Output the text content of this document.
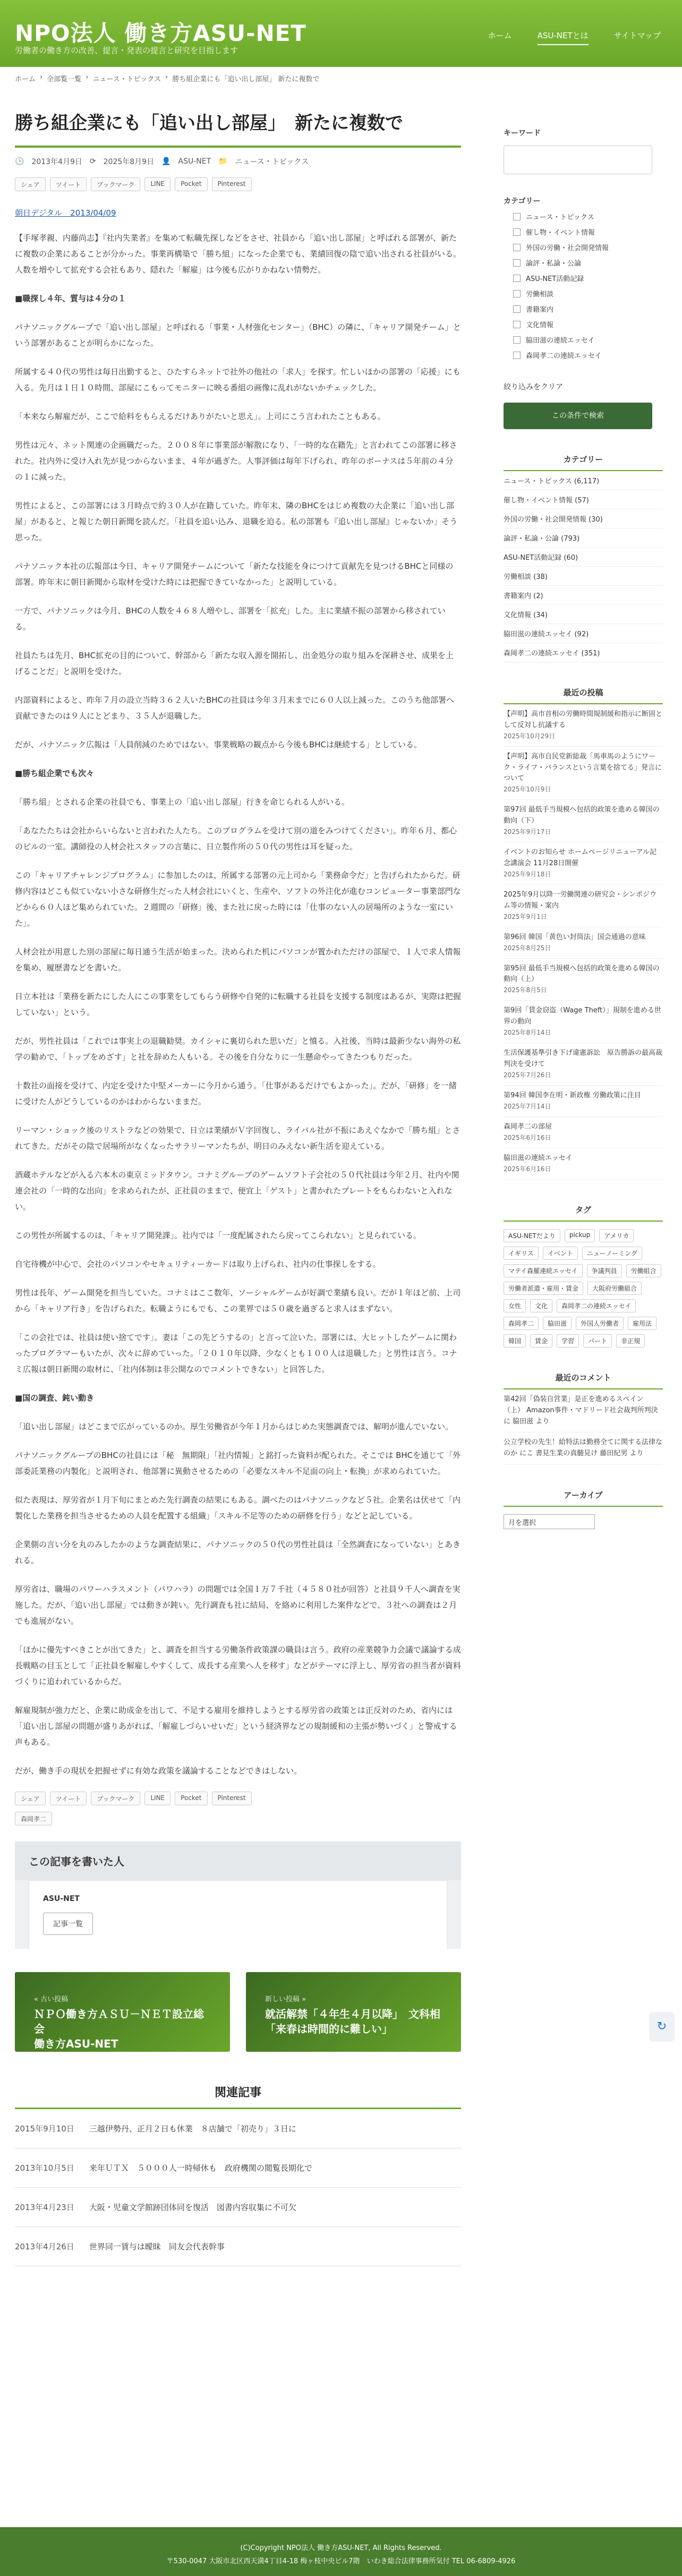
NPO法人 働き方ASU-NET
労働者の働き方の改善、提言・発表の提言と研究を目指します
ホーム	ASU-NETとは	サイトマップ
ホーム › 全部覧一覧 › ニュース・トピックス › 勝ち組企業にも「追い出し部屋」 新たに複数で
勝ち組企業にも「追い出し部屋」　新たに複数で
🕒 2013年4月9日 ⟳ 2025年8月9日 👤 ASU-NET 📁 ニュース・トピックス
シェア	ツイート	ブックマーク	LINE	Pocket	Pinterest
朝日デジタル　2013/04/09

【手塚孝親、内藤尚志】『社内失業者』を集めて転職先探しなどをさせ、社員から「追い出し部屋」と呼ばれる部署が、新たに複数の企業にあることが分かった。事業再構築で「勝ち組」になった企業でも、業績回復の陰で追い出される社員がいる。人数を増やして拡充する会社もあり、隠れた「解雇」は今後も広がりかねない情勢だ。

■職探し４年、質与は４分の１

パナソニックグループで「追い出し部屋」と呼ばれる「事業・人材強化センター」（BHC）の隣に、「キャリア開発チーム」という部署があることが明らかになった。

所属する４０代の男性は毎日出勤すると、ひたすらネットで社外の他社の「求人」を探す。忙しいほかの部署の「応援」にも入る。先月は１日１０時間、部屋にこもってモニターに映る番組の画像に乱れがないかチェックした。

「本来なら解雇だが、ここで給料をもらえるだけありがたいと思え」。上司にこう言われたこともある。

男性は元々、ネット関連の企画職だった。２００８年に事業部が解散になり、「一時的な在籍先」と言われてこの部署に移された。社内外に受け入れ先が見つからないまま、４年が過ぎた。人事評価は毎年下げられ、昨年のボーナスは５年前の４分の１に減った。

男性によると、この部署には３月時点で約３０人が在籍していた。昨年末、隣のBHCをはじめ複数の大企業に「追い出し部屋」があると、と報じた朝日新聞を読んだ。「社員を追い込み、退職を迫る。私の部署も『追い出し部屋』じゃないか」そう思った。

パナソニック本社の広報部は今日、キャリア開発チームについて「新たな技能を身につけて貢献先を見つけるBHCと同様の部署。昨年末に朝日新聞から取材を受けた時には把握できていなかった」と説明している。

一方で、パナソニックは今月、BHCの人数を４６８人増やし、部署を「拡充」した。主に業績不振の部署から移されている。

社員たちは先月、BHC拡充の目的について、幹部から「新たな収入源を開拓し、出金処分の取り組みを深耕させ、成果を上げることだ」と説明を受けた。

内部資料によると、昨年７月の設立当時３６２人いたBHCの社員は今年３月末までに６０人以上減った。このうち他部署へ貢献できたのは９人にとどまり、３５人が退職した。

だが、パナソニック広報は「人員削減のためではない。事業戦略の観点から今後もBHCは継続する」としている。

■勝ち組企業でも次々

「勝ち組」とされる企業の社員でも、事業上の「追い出し部屋」行きを命じられる人がいる。

「あなたたちは会社からいらないと言われた人たち。このプログラムを受けて別の道をみつけてください」。昨年６月、都心のビルの一室。講師役の人材会社スタッフの言葉に、日立製作所の５０代の男性は耳を疑った。

この「キャリアチャレンジプログラム」に参加したのは、所属する部署の元上司から「業務命令だ」と告げられたからだ。研修内容はどこも似ていない小さな研修生だった人材会社にいくと、生産や、ソフトの外注化が進むコンピューター事業部門などから６０人ほど集められていた。２週間の「研修」後、また社に戻った時には「仕事のない人の居場所のような一室にいた」。

人材会社が用意した別の部屋に毎日通う生活が始まった。決められた机にパソコンが置かれただけの部屋で、１人で求人情報を集め、履歴書などを書いた。

日立本社は「業務を新たにした人にこの事業をしてもらう研修や自発的に転職する社員を支援する制度はあるが、実際は把握していない」という。

だが、男性社員は「これでは事実上の退職勧奨。カイシャに裏切られた思いだ」と憤る。入社後、当時は最新少ない海外の私学の勧めで、「トップをめざす」と社を辞めた人もいる。その後を自分なりに一生懸命やってきたつもりだった。

十数社の面接を受けて、内定を受けた中堅メーカーに今月から通う。「仕事があるだけでもよかった」。だが、「研修」を一緒に受けた人がどうしているのかはわからないままだ。

リーマン・ショック後のリストラなどの効果で、日立は業績がＶ字回復し、ライバル社が不振にあえぐなかで「勝ち組」とされてきた。だがその陰で居場所がなくなったサラリーマンたちが、明日のみえない新生活を迎えている。

酒蔵ホテルなどが入る六本木の東京ミッドタウン。コナミグループのゲームソフト子会社の５０代社員は今年２月、社内や関連会社の「一時的な出向」を求められたが、正社員のままで、便宜上「ゲスト」と書かれたプレートをもらわないと入れない。

この男性が所属するのは、「キャリア開発課」。社内では「一度配属されたら戻ってこられない」と見られている。

自宅待機が中心で、会社のパソコンやセキュリティーカードは取り上げられ、社内の仕事探しをする。

男性は長年、ゲーム開発を担当していた。コナミはここ数年、ソーシャルゲームが好調で業績も良い。だが１年ほど前、上司から「キャリア行き」を告げられた。転職ようにもでも、この業界では５０歳を過ぎると求人はまずない。

「この会社では、社員は使い捨てです」。妻は「この先どうするの」と言って泣いた。部署には、大ヒットしたゲームに関わったプログラマーもいたが、次々に辞めていった。「２０１０年以降、少なくとも１００人は退職した」と男性は言う。コナミ広報は朝日新聞の取材に、「社内体制は非公開なのでコメントできない」と回答した。

■国の調査、鈍い動き

「追い出し部屋」はどこまで広がっているのか。厚生労働省が今年１月からはじめた実態調査では、解明が進んでいない。

パナソニックグループのBHCの社員には「秘　無期限」「社内情報」と銘打った資料が配られた。そこでは BHCを通じて「外部委託業務の内製化」と説明され、他部署に異動させるための「必要なスキル不足面の向上・転換」が求められていた。

似た表現は、厚労省が１月下旬にまとめた先行調査の結果にもある。調べたのはパナソニックなど５社。企業名は伏せて「内製化した業務を担当させるための人員を配置する組織」「スキル不足等のための研修を行う」などと記している。

企業側の言い分を丸のみしたかのような調査結果に、パナソニックの５０代の男性社員は「全然調査になっていない」とあきれる。

厚労省は、職場のパワーハラスメント（パワハラ）の問題では全国１万７千社（４５８０社が回答）と社員９千人へ調査を実施した。だが、「追い出し部屋」では動きが鈍い。先行調査も社に結局、を絡めに利用した案件などで、３社への調査は２月でも進展がない。

「ほかに優先すべきことが出てきた」と、調査を担当する労働条件政策課の職員は言う。政府の産業競争力会議で議論する成長戦略の目玉として「正社員を解雇しやすくして、成長する産業へ人を移す」などがテーマに浮上し、厚労省の担当者が資料づくりに追われているからだ。

解雇規制が強力だと、企業に助成金を出して、不足する雇用を維持しようとする厚労省の政策とは正反対のため、省内には「追い出し部屋の問題が盛りあがれば、「解雇しづらいせいだ」という経済界などの規制緩和の主張が勢いづく」と警戒する声もある。

だが、働き手の現状を把握せずに有効な政策を議論することなどできはしない。

シェア	ツイート	ブックマーク	LINE	Pocket	Pinterest
森岡孝二
この記事を書いた人
ASU-NET
記事一覧
« 古い投稿
ＮＰＯ働き方ＡＳＵ－ＮＥＴ設立総会
働き方ASU-NET
新しい投稿 »
就活解禁「４年生４月以降」　文科相「来春は時間的に難しい」
関連記事
2015年9月10日 三越伊勢丹、正月２日も休業　８店舗で「初売り」３日に
2013年10月5日 来年ＵＴＸ　５０００人一時帰休も　政府機関の閲覧長期化で
2013年4月23日 大阪・児童文学館跡団体同を復活　図書内容収集に不可欠
2013年4月26日 世界同一賃与は曖昧　同友会代表幹事
キーワード
カテゴリー
ニュース・トピックス
催し物・イベント情報
外国の労働・社会開発情報
論評・私論・公論
ASU-NET活動記録
労働相談
書籍案内
文化情報
脇田滋の連続エッセイ
森岡孝二の連続エッセイ
絞り込みをクリア
この条件で検索
カテゴリー
ニュース・トピックス (6,117)
催し物・イベント情報 (57)
外国の労働・社会開発情報 (30)
論評・私論・公論 (793)
ASU-NET活動記録 (60)
労働相談 (38)
書籍案内 (2)
文化情報 (34)
脇田滋の連続エッセイ (92)
森岡孝二の連続エッセイ (351)
最近の投稿
【声明】高市首相の労働時間規制緩和指示に断固として反対し抗議する
2025年10月29日
【声明】高市自民党新総裁「馬車馬のようにワーク・ライフ・バランスという言葉を捨てる」発言について
2025年10月9日
第97回 最低手当規模へ包括的政策を進める韓国の動向（下）
2025年9月17日
イベントのお知らせ ホームページリニューアル記念講演会 11月28日開催
2025年9月18日
2025年9月以降一労働関連の研究会・シンポジウム等の情報・案内
2025年9月1日
第96回 韓国「黄色い封筒法」国会通過の意味
2025年8月25日
第95回 最低手当規模へ包括的政策を進める韓国の動向（上）
2025年8月5日
第9回「賃金窃盗（Wage Theft）」規制を進める世界の動向
2025年8月14日
生活保護基準引き下げ違憲訴訟　原告勝訴の最高裁判決を受けて
2025年7月26日
第94回 韓国李在明・新政権 労働政策に注目
2025年7月14日
森岡孝二の部屋
2025年6月16日
脇田滋の連続エッセイ
2025年6月16日
タグ
ASU-NETだより	pickup	アメリカ
イギリス	イベント	ニューノーミング
マテイ森羅連続エッセイ	争議判員	労働組合
労働者派遣・雇用・賃金	大阪府労働組合
女性	文化	森岡孝二の連続エッセイ
森岡孝二	脇田滋	外国人労働者	雇用法
韓国	賃金	学習	パート	非正規
最近のコメント
第42回「偽装自営業」是正を進めるスペイン（上） Amazon事件・マドリード社会裁判所判決に 脇田滋 より
公立学校の先生！給特法は勤務全てに関する法律なのか にこ 書見生業の真髄見け 藤田紀男 より
アーカイブ
月を選択
↻
(C)Copyright NPO法人 働き方ASU-NET, All Rights Reserved.
〒530-0047 大阪市北区西天満4丁目4-18 梅ヶ枝中央ビル7階　いわき総合法律事務所気付 TEL 06-6809-4926
